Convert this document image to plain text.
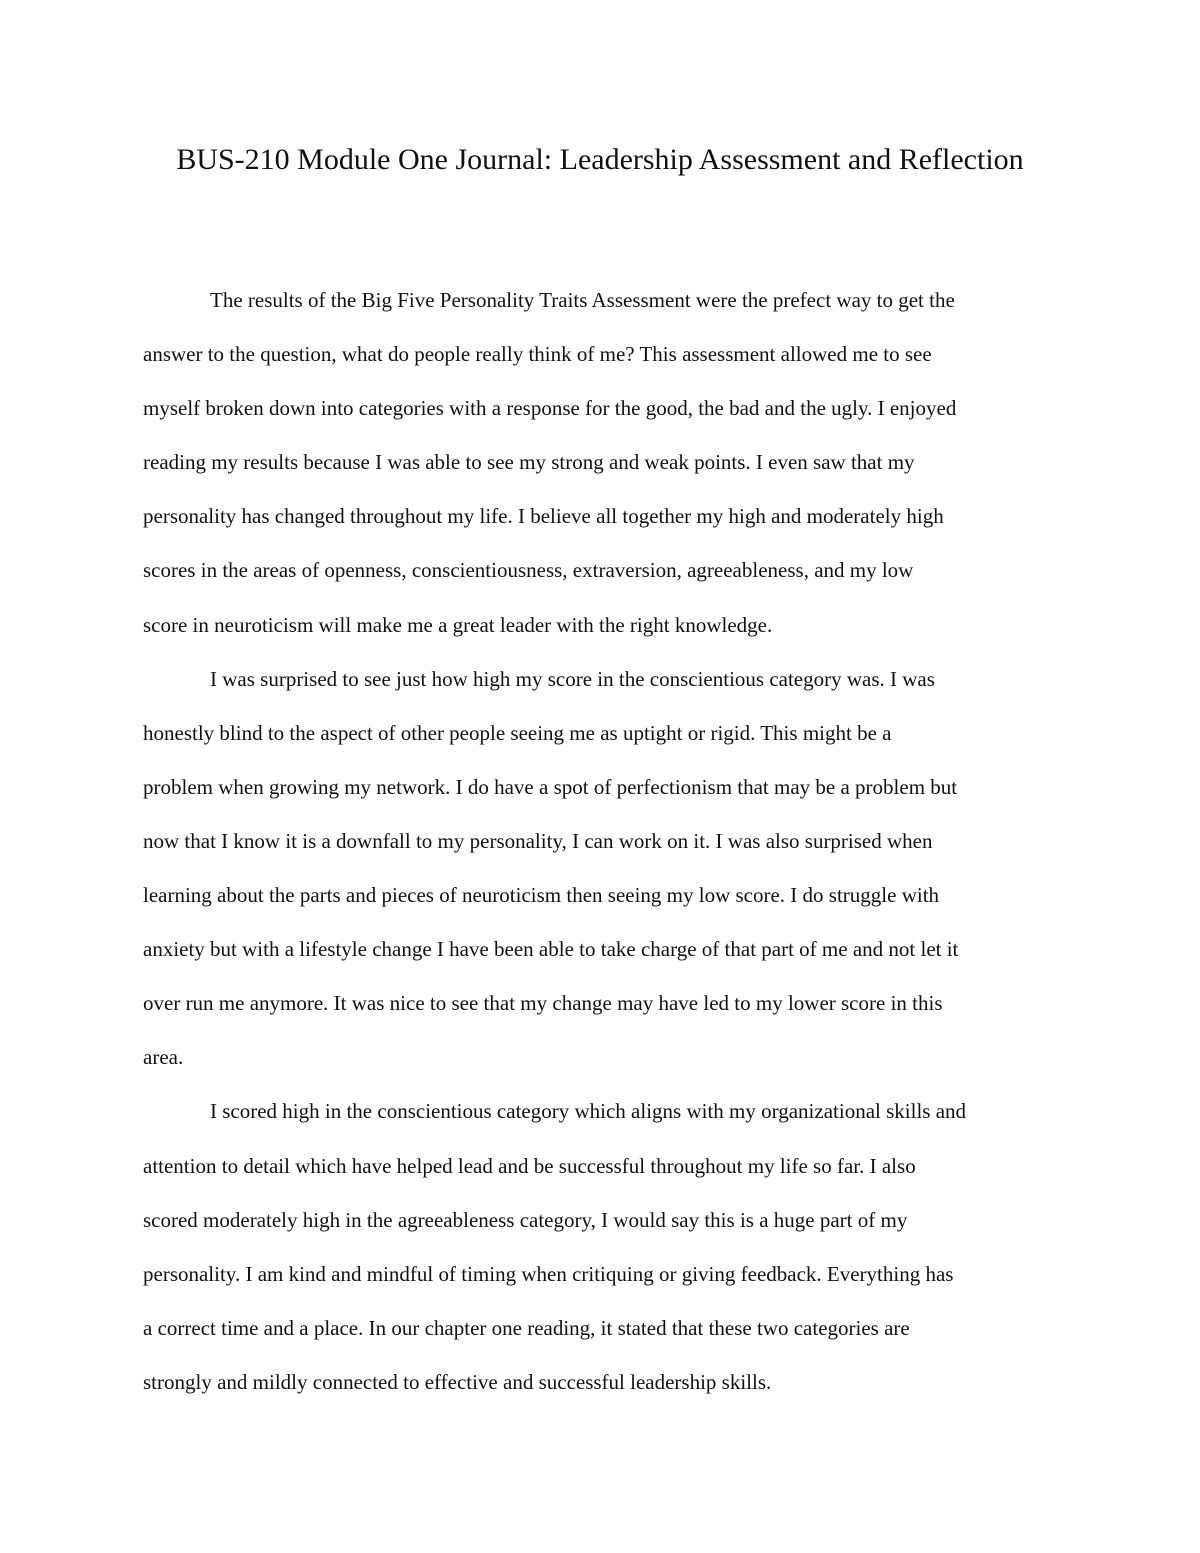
BUS-210 Module One Journal: Leadership Assessment and Reflection

The results of the Big Five Personality Traits Assessment were the prefect way to get the
answer to the question, what do people really think of me? This assessment allowed me to see
myself broken down into categories with a response for the good, the bad and the ugly. I enjoyed
reading my results because I was able to see my strong and weak points. I even saw that my
personality has changed throughout my life. I believe all together my high and moderately high
scores in the areas of openness, conscientiousness, extraversion, agreeableness, and my low
score in neuroticism will make me a great leader with the right knowledge.

I was surprised to see just how high my score in the conscientious category was. I was
honestly blind to the aspect of other people seeing me as uptight or rigid. This might be a
problem when growing my network. I do have a spot of perfectionism that may be a problem but
now that I know it is a downfall to my personality, I can work on it. I was also surprised when
learning about the parts and pieces of neuroticism then seeing my low score. I do struggle with
anxiety but with a lifestyle change I have been able to take charge of that part of me and not let it
over run me anymore. It was nice to see that my change may have led to my lower score in this
area.

I scored high in the conscientious category which aligns with my organizational skills and
attention to detail which have helped lead and be successful throughout my life so far. I also
scored moderately high in the agreeableness category, I would say this is a huge part of my
personality. I am kind and mindful of timing when critiquing or giving feedback. Everything has
a correct time and a place. In our chapter one reading, it stated that these two categories are
strongly and mildly connected to effective and successful leadership skills.
